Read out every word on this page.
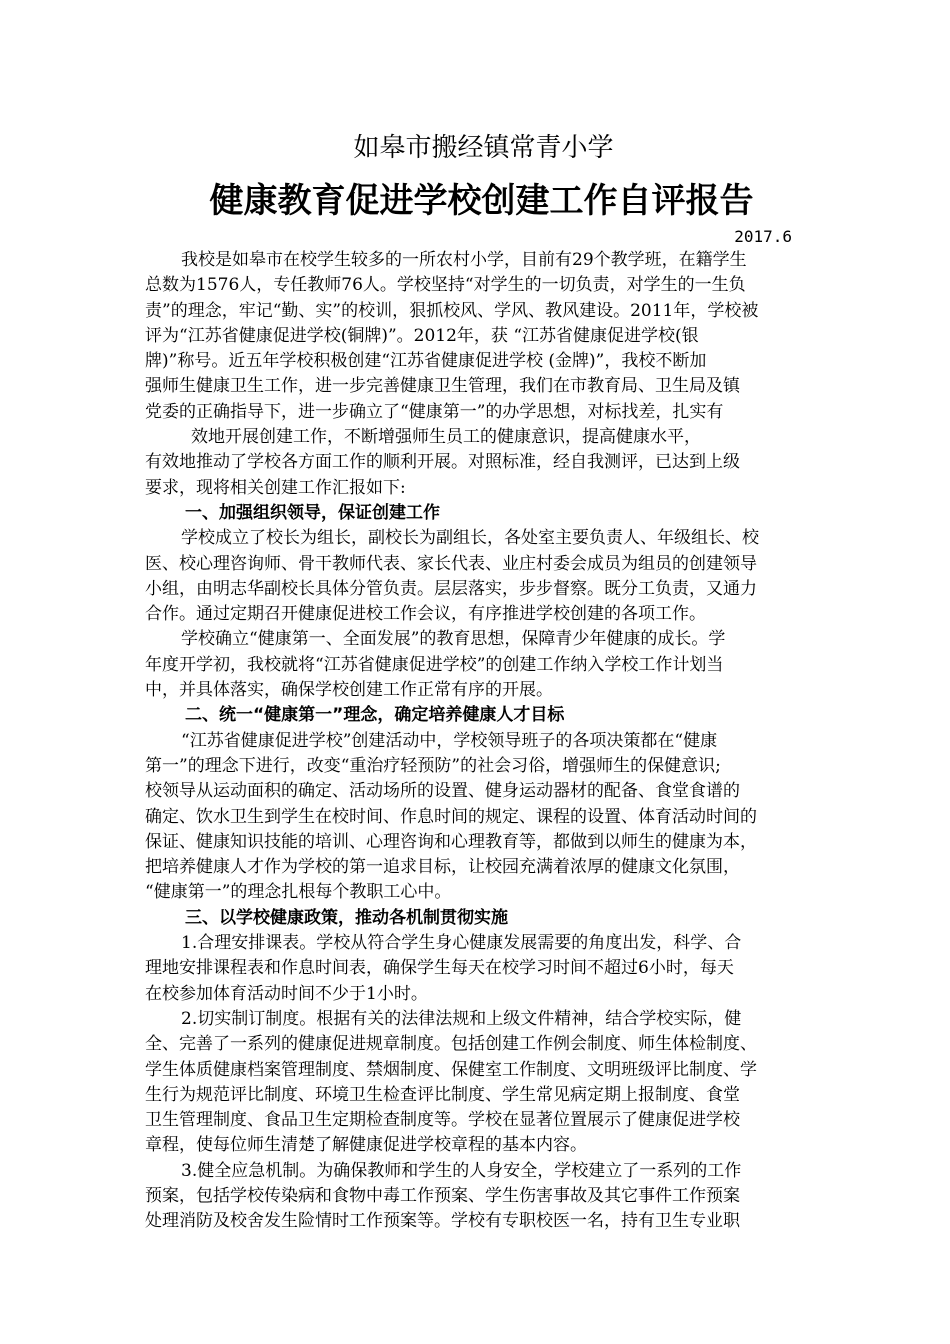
如皋市搬经镇常青小学
健康教育促进学校创建工作自评报告
2017.6

我校是如皋市在校学生较多的一所农村小学，目前有29个教学班，在籍学生

总数为1576人，专任教师76人。学校坚持“对学生的一切负责，对学生的一生负

责”的理念，牢记“勤、实”的校训，狠抓校风、学风、教风建设。2011年，学校被

评为“江苏省健康促进学校(铜牌)”。2012年，获 “江苏省健康促进学校(银

牌)”称号。近五年学校积极创建“江苏省健康促进学校 (金牌)”，我校不断加

强师生健康卫生工作，进一步完善健康卫生管理，我们在市教育局、卫生局及镇

党委的正确指导下，进一步确立了“健康第一”的办学思想，对标找差，扎实有

效地开展创建工作，不断增强师生员工的健康意识，提高健康水平，

有效地推动了学校各方面工作的顺利开展。对照标准，经自我测评，已达到上级

要求，现将相关创建工作汇报如下:

一、加强组织领导，保证创建工作

学校成立了校长为组长，副校长为副组长，各处室主要负责人、年级组长、校

医、校心理咨询师、骨干教师代表、家长代表、业庄村委会成员为组员的创建领导

小组，由明志华副校长具体分管负责。层层落实，步步督察。既分工负责，又通力

合作。通过定期召开健康促进校工作会议，有序推进学校创建的各项工作。

学校确立“健康第一、全面发展”的教育思想，保障青少年健康的成长。学

年度开学初，我校就将“江苏省健康促进学校”的创建工作纳入学校工作计划当

中，并具体落实，确保学校创建工作正常有序的开展。

二、统一“健康第一”理念，确定培养健康人才目标

“江苏省健康促进学校”创建活动中，学校领导班子的各项决策都在“健康

第一”的理念下进行，改变“重治疗轻预防”的社会习俗，增强师生的保健意识;

校领导从运动面积的确定、活动场所的设置、健身运动器材的配备、食堂食谱的

确定、饮水卫生到学生在校时间、作息时间的规定、课程的设置、体育活动时间的

保证、健康知识技能的培训、心理咨询和心理教育等，都做到以师生的健康为本，

把培养健康人才作为学校的第一追求目标，让校园充满着浓厚的健康文化氛围，

“健康第一”的理念扎根每个教职工心中。

三、以学校健康政策，推动各机制贯彻实施

1.合理安排课表。学校从符合学生身心健康发展需要的角度出发，科学、合

理地安排课程表和作息时间表，确保学生每天在校学习时间不超过6小时，每天

在校参加体育活动时间不少于1小时。

2.切实制订制度。根据有关的法律法规和上级文件精神，结合学校实际，健

全、完善了一系列的健康促进规章制度。包括创建工作例会制度、师生体检制度、

学生体质健康档案管理制度、禁烟制度、保健室工作制度、文明班级评比制度、学

生行为规范评比制度、环境卫生检查评比制度、学生常见病定期上报制度、食堂

卫生管理制度、食品卫生定期检查制度等。学校在显著位置展示了健康促进学校

章程，使每位师生清楚了解健康促进学校章程的基本内容。

3.健全应急机制。为确保教师和学生的人身安全，学校建立了一系列的工作

预案，包括学校传染病和食物中毒工作预案、学生伤害事故及其它事件工作预案

处理消防及校舍发生险情时工作预案等。学校有专职校医一名，持有卫生专业职
